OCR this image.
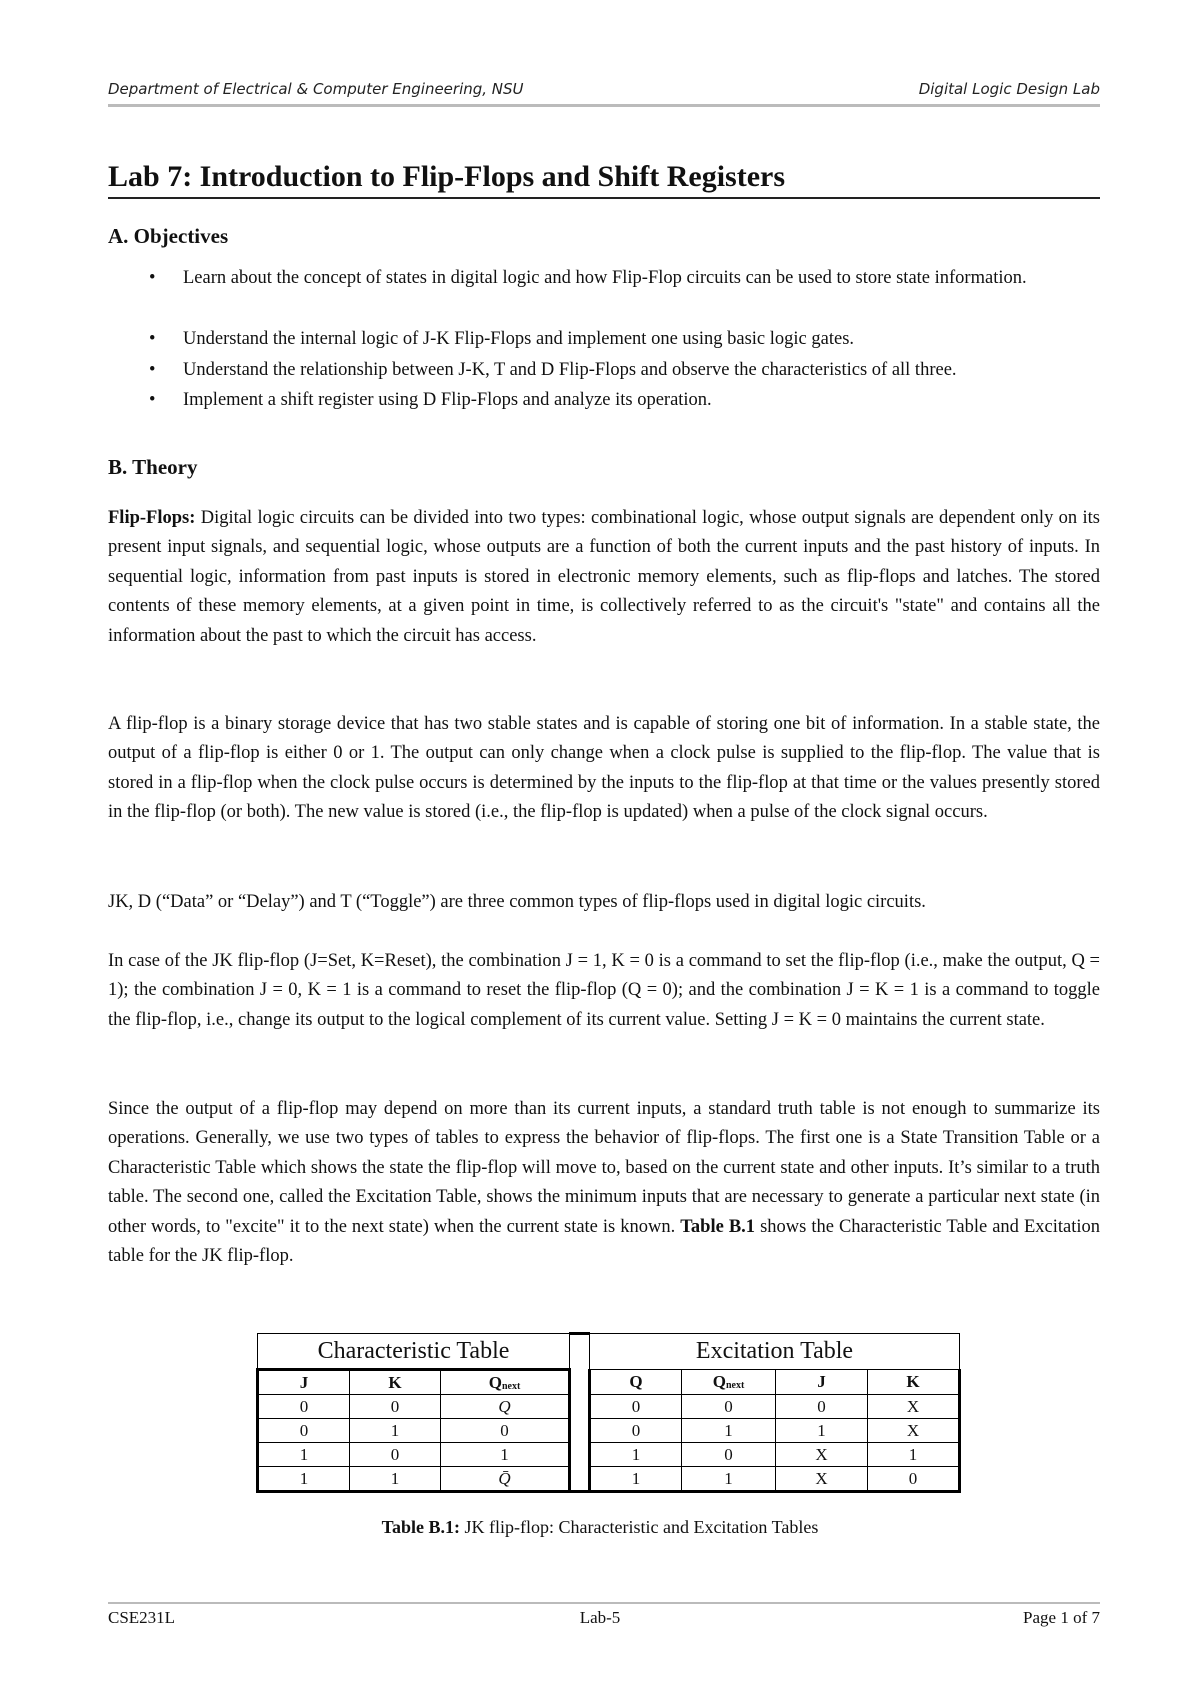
Department of Electrical & Computer Engineering, NSU	Digital Logic Design Lab
Lab 7: Introduction to Flip-Flops and Shift Registers
A. Objectives
• Learn about the concept of states in digital logic and how Flip-Flop circuits can be used to store state information.
• Understand the internal logic of J-K Flip-Flops and implement one using basic logic gates.
• Understand the relationship between J-K, T and D Flip-Flops and observe the characteristics of all three.
• Implement a shift register using D Flip-Flops and analyze its operation.
B. Theory
Flip-Flops: Digital logic circuits can be divided into two types: combinational logic, whose output signals are dependent only on its present input signals, and sequential logic, whose outputs are a function of both the current inputs and the past history of inputs. In sequential logic, information from past inputs is stored in electronic memory elements, such as flip-flops and latches. The stored contents of these memory elements, at a given point in time, is collectively referred to as the circuit's "state" and contains all the information about the past to which the circuit has access.
A flip-flop is a binary storage device that has two stable states and is capable of storing one bit of information. In a stable state, the output of a flip-flop is either 0 or 1. The output can only change when a clock pulse is supplied to the flip-flop. The value that is stored in a flip-flop when the clock pulse occurs is determined by the inputs to the flip-flop at that time or the values presently stored in the flip-flop (or both). The new value is stored (i.e., the flip-flop is updated) when a pulse of the clock signal occurs.
JK, D (“Data” or “Delay”) and T (“Toggle”) are three common types of flip-flops used in digital logic circuits.
In case of the JK flip-flop (J=Set, K=Reset), the combination J = 1, K = 0 is a command to set the flip-flop (i.e., make the output, Q = 1); the combination J = 0, K = 1 is a command to reset the flip-flop (Q = 0); and the combination J = K = 1 is a command to toggle the flip-flop, i.e., change its output to the logical complement of its current value. Setting J = K = 0 maintains the current state.
Since the output of a flip-flop may depend on more than its current inputs, a standard truth table is not enough to summarize its operations. Generally, we use two types of tables to express the behavior of flip-flops. The first one is a State Transition Table or a Characteristic Table which shows the state the flip-flop will move to, based on the current state and other inputs. It’s similar to a truth table. The second one, called the Excitation Table, shows the minimum inputs that are necessary to generate a particular next state (in other words, to "excite" it to the next state) when the current state is known. Table B.1 shows the Characteristic Table and Excitation table for the JK flip-flop.
Characteristic Table				Excitation Table			
J	K	$Q_{next}$		Q	$Q_{next}$	J	K
0	0	Q		0	0	0	X
0	1	0		0	1	1	X
1	0	1		1	0	X	1
1	1	Q̄		1	1	X	0
Table B.1: JK flip-flop: Characteristic and Excitation Tables
CSE231L	Lab-5	Page 1 of 7
